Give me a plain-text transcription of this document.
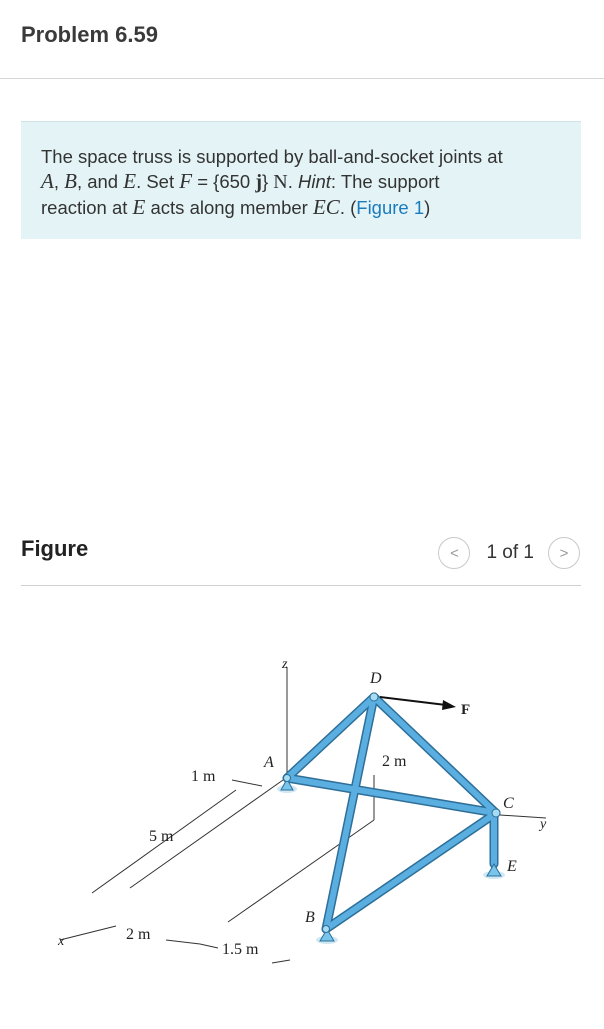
Problem 6.59
The space truss is supported by ball-and-socket joints at
A, B, and E. Set F = {650 j} N. Hint: The support
reaction at E acts along member EC. (Figure 1)
Figure	< 1 of 1 >
z
D
F
2 m
A
1 m
C
y
5 m
E
B
x	2 m
1.5 m
